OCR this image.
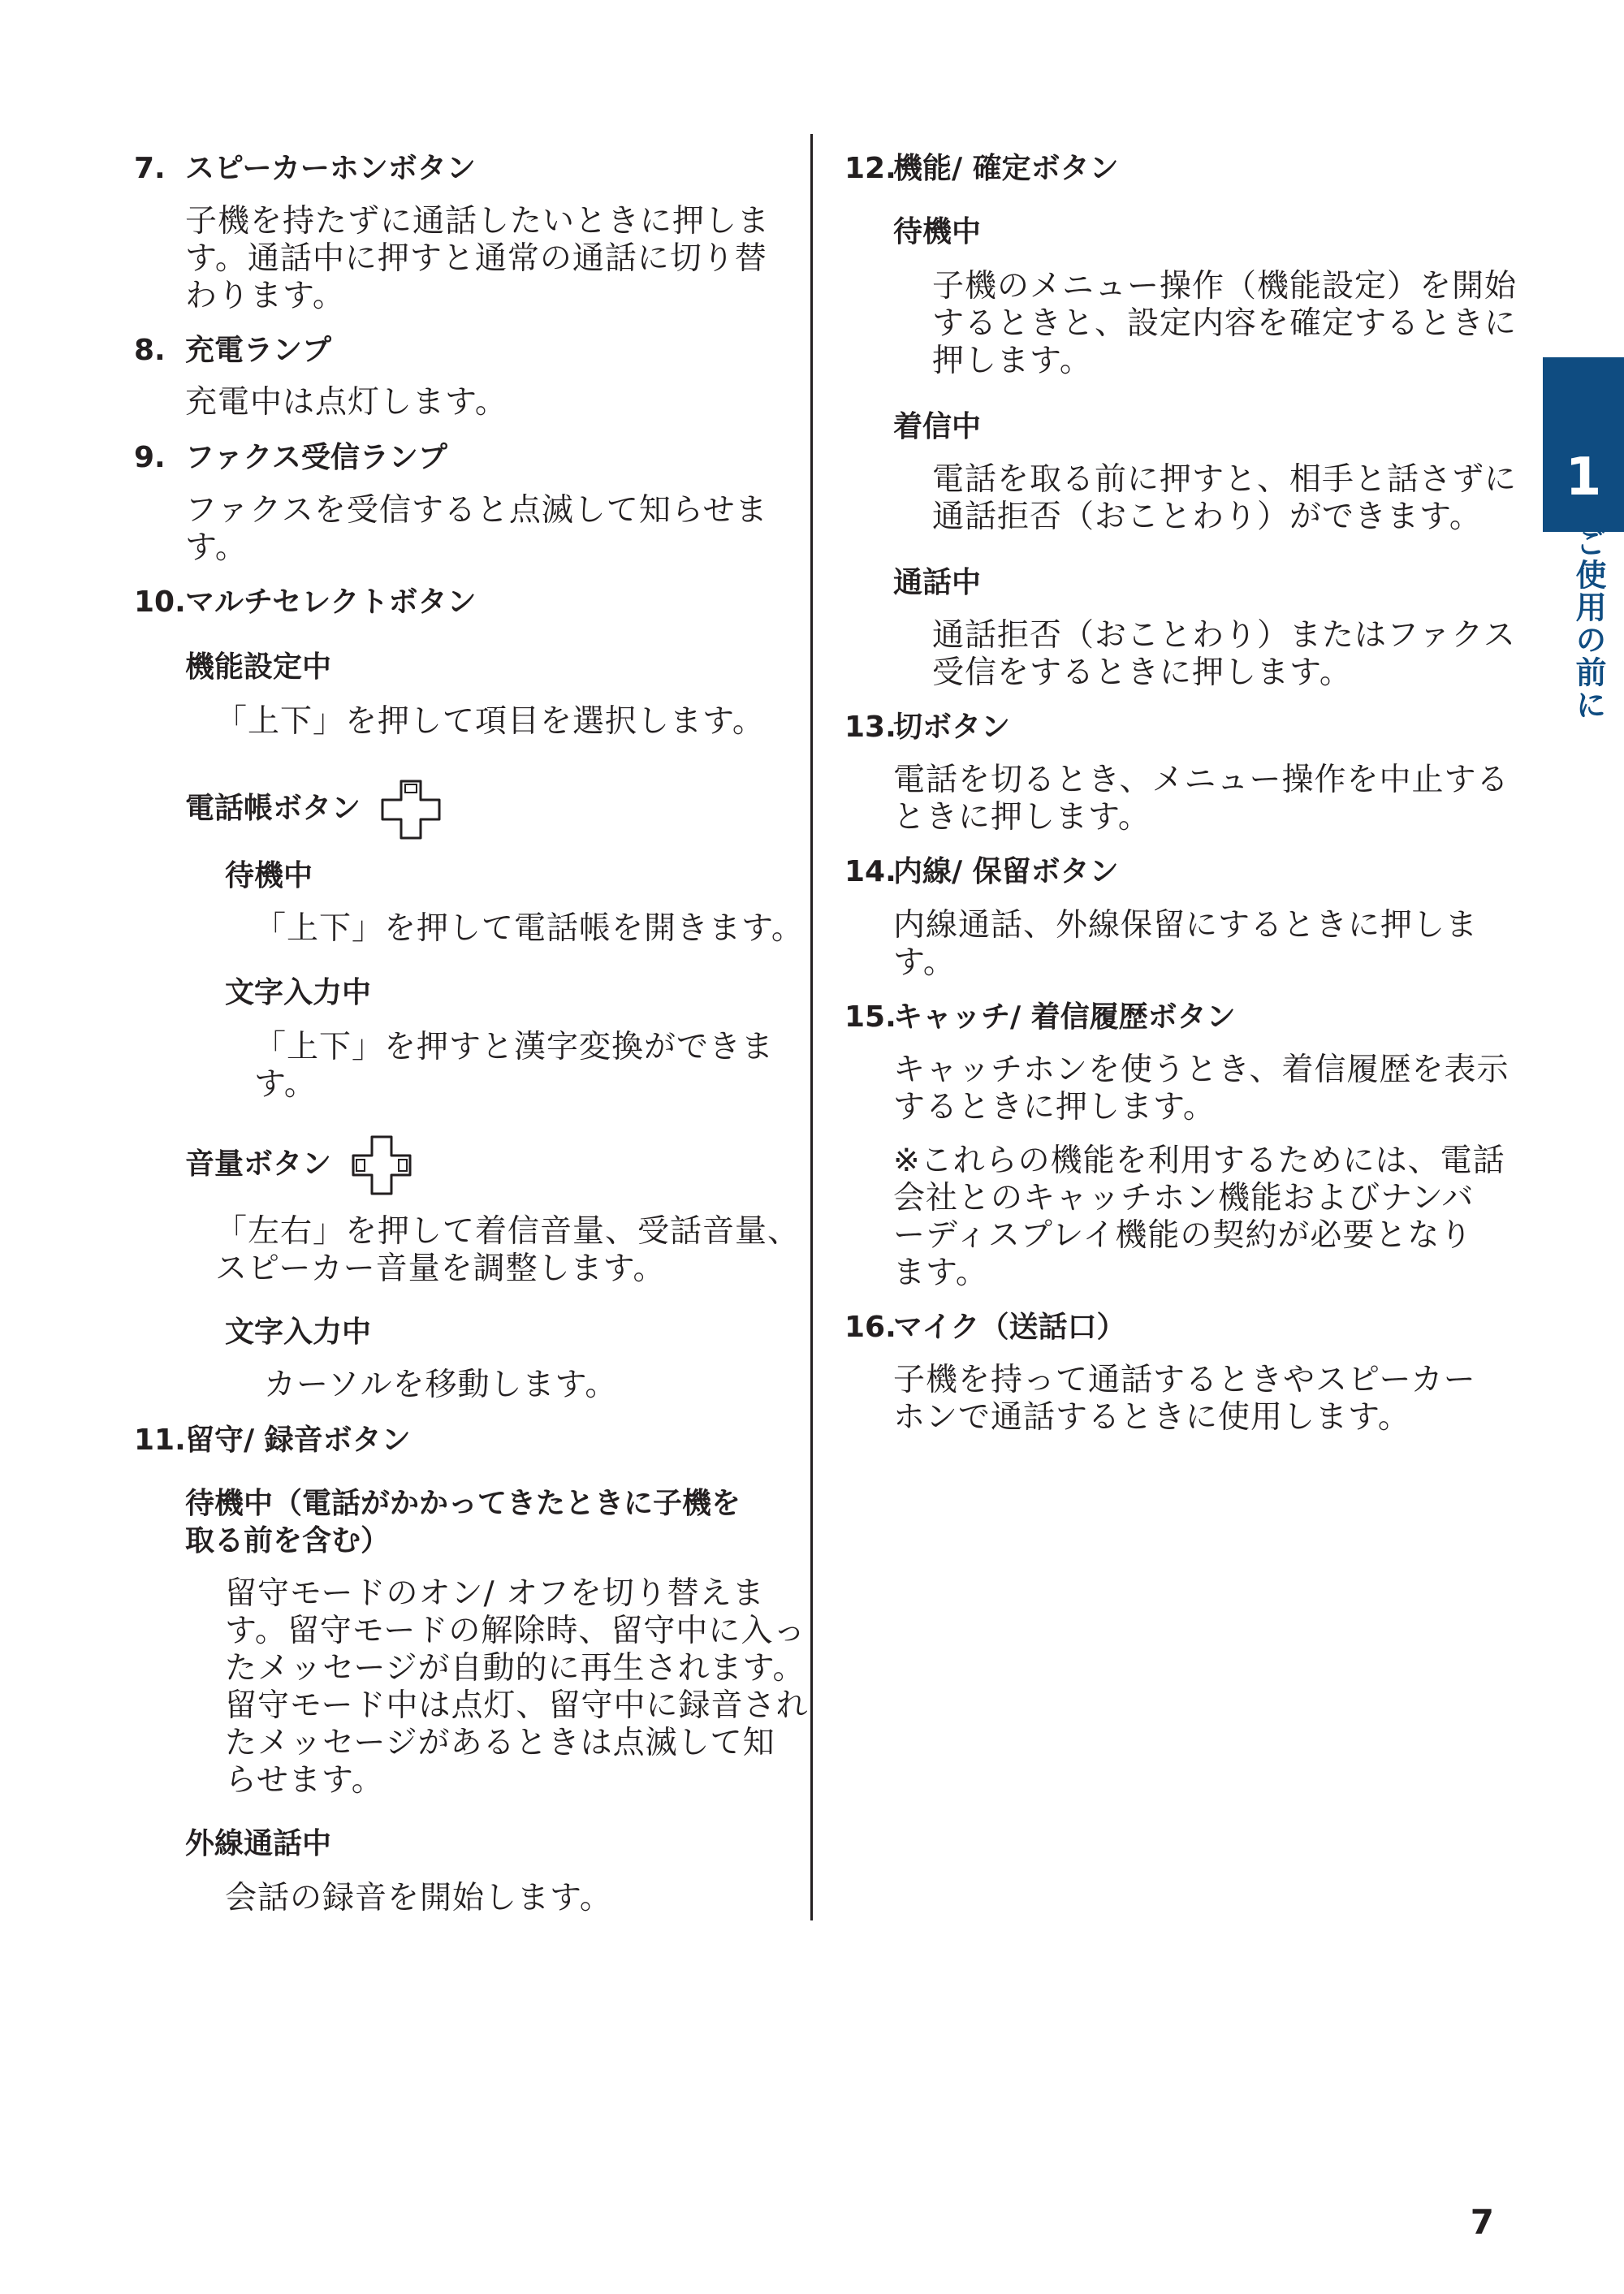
1
ご使用の前に
7. スピーカーホンボタン
子機を持たずに通話したいときに押しま
す。通話中に押すと通常の通話に切り替
わります。
8. 充電ランプ
充電中は点灯します。
9. ファクス受信ランプ
ファクスを受信すると点滅して知らせま
す。
10.マルチセレクトボタン
機能設定中
「上下」を押して項目を選択します。
電話帳ボタン
待機中
「上下」を押して電話帳を開きます。
文字入力中
「上下」を押すと漢字変換ができま
す。
音量ボタン
「左右」を押して着信音量、受話音量、
スピーカー音量を調整します。
文字入力中
カーソルを移動します。
11.留守/ 録音ボタン
待機中（電話がかかってきたときに子機を
取る前を含む）
留守モードのオン/ オフを切り替えま
す。留守モードの解除時、留守中に入っ
たメッセージが自動的に再生されます。
留守モード中は点灯、留守中に録音され
たメッセージがあるときは点滅して知
らせます。
外線通話中
会話の録音を開始します。
12.機能/ 確定ボタン
待機中
子機のメニュー操作（機能設定）を開始
するときと、設定内容を確定するときに
押します。
着信中
電話を取る前に押すと、相手と話さずに
通話拒否（おことわり）ができます。
通話中
通話拒否（おことわり）またはファクス
受信をするときに押します。
13.切ボタン
電話を切るとき、メニュー操作を中止する
ときに押します。
14.内線/ 保留ボタン
内線通話、外線保留にするときに押しま
す。
15.キャッチ/ 着信履歴ボタン
キャッチホンを使うとき、着信履歴を表示
するときに押します。
※これらの機能を利用するためには、電話
会社とのキャッチホン機能およびナンバ
ーディスプレイ機能の契約が必要となり
ます。
16.マイク（送話口）
子機を持って通話するときやスピーカー
ホンで通話するときに使用します。
7
